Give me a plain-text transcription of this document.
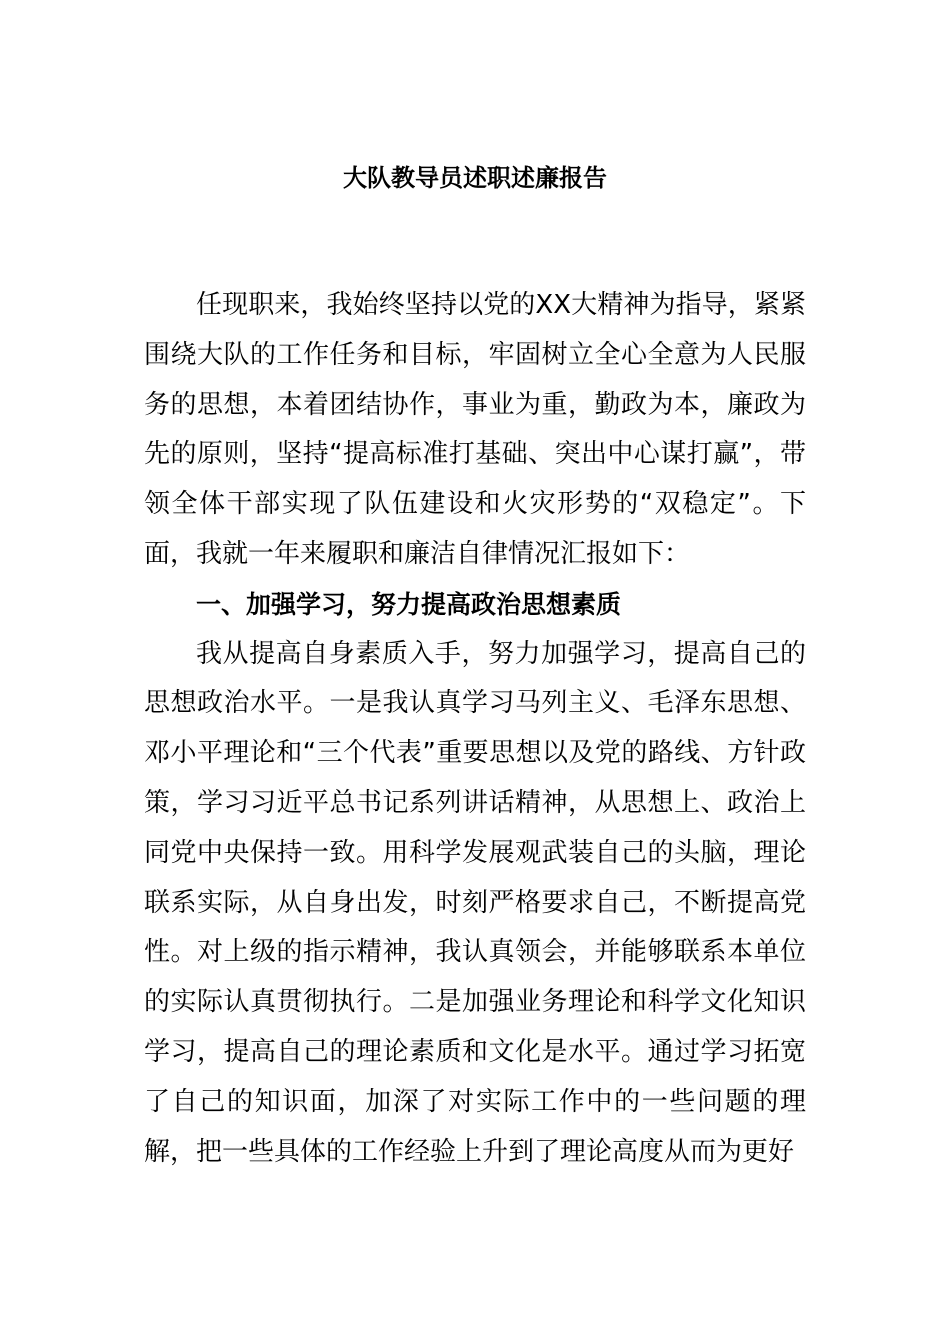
大队教导员述职述廉报告

任现职来，我始终坚持以党的XX大精神为指导，紧紧围绕大队的工作任务和目标，牢固树立全心全意为人民服务的思想，本着团结协作，事业为重，勤政为本，廉政为先的原则，坚持“提高标准打基础、突出中心谋打赢”，带领全体干部实现了队伍建设和火灾形势的“双稳定”。下面，我就一年来履职和廉洁自律情况汇报如下：

一、加强学习，努力提高政治思想素质

我从提高自身素质入手，努力加强学习，提高自己的思想政治水平。一是我认真学习马列主义、毛泽东思想、邓小平理论和“三个代表”重要思想以及党的路线、方针政策，学习习近平总书记系列讲话精神，从思想上、政治上同党中央保持一致。用科学发展观武装自己的头脑，理论联系实际，从自身出发，时刻严格要求自己，不断提高党性。对上级的指示精神，我认真领会，并能够联系本单位的实际认真贯彻执行。二是加强业务理论和科学文化知识学习，提高自己的理论素质和文化是水平。通过学习拓宽了自己的知识面，加深了对实际工作中的一些问题的理解，把一些具体的工作经验上升到了理论高度从而为更好
